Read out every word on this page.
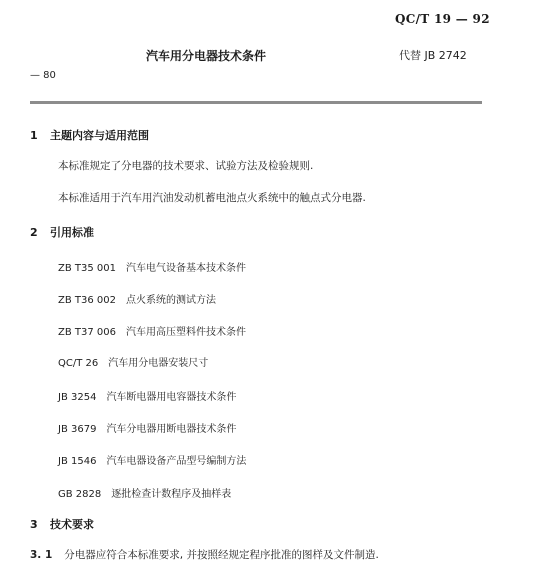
QC/T 19 — 92
汽车用分电器技术条件	代替 JB 2742
— 80
1 主题内容与适用范围
本标准规定了分电器的技术要求、试验方法及检验规则.
本标准适用于汽车用汽油发动机蓄电池点火系统中的触点式分电器.
2 引用标准
ZB T35 001 汽车电气设备基本技术条件
ZB T36 002 点火系统的测试方法
ZB T37 006 汽车用高压塑料件技术条件
QC/T 26 汽车用分电器安装尺寸
JB 3254 汽车断电器用电容器技术条件
JB 3679 汽车分电器用断电器技术条件
JB 1546 汽车电器设备产品型号编制方法
GB 2828 逐批检查计数程序及抽样表
3 技术要求
3. 1 分电器应符合本标准要求, 并按照经规定程序批准的图样及文件制造.
